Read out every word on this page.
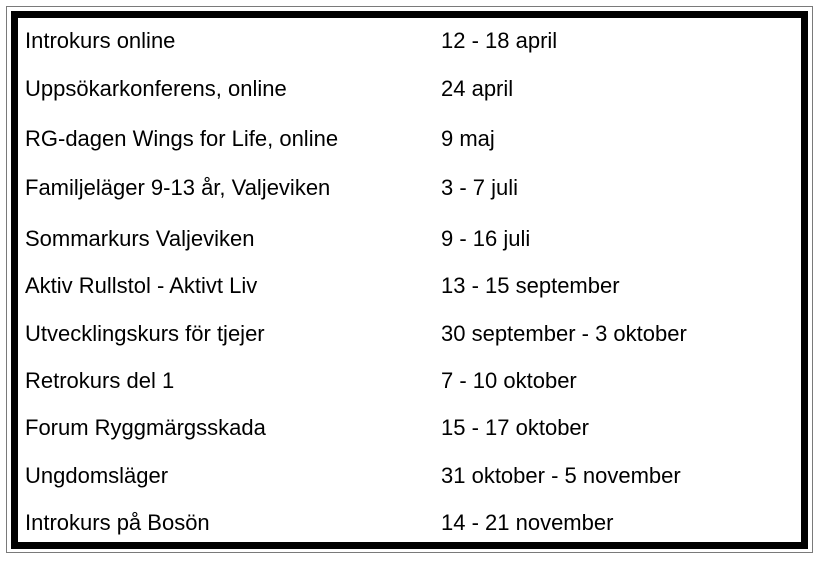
Introkurs online	12 - 18 april
Uppsökarkonferens, online	24 april
RG-dagen Wings for Life, online	9 maj
Familjeläger 9-13 år, Valjeviken	3 - 7 juli
Sommarkurs Valjeviken	9 - 16 juli
Aktiv Rullstol - Aktivt Liv	13 - 15 september
Utvecklingskurs för tjejer	30 september - 3 oktober
Retrokurs del 1	7 - 10 oktober
Forum Ryggmärgsskada	15 - 17 oktober
Ungdomsläger	31 oktober - 5 november
Introkurs på Bosön	14 - 21 november
